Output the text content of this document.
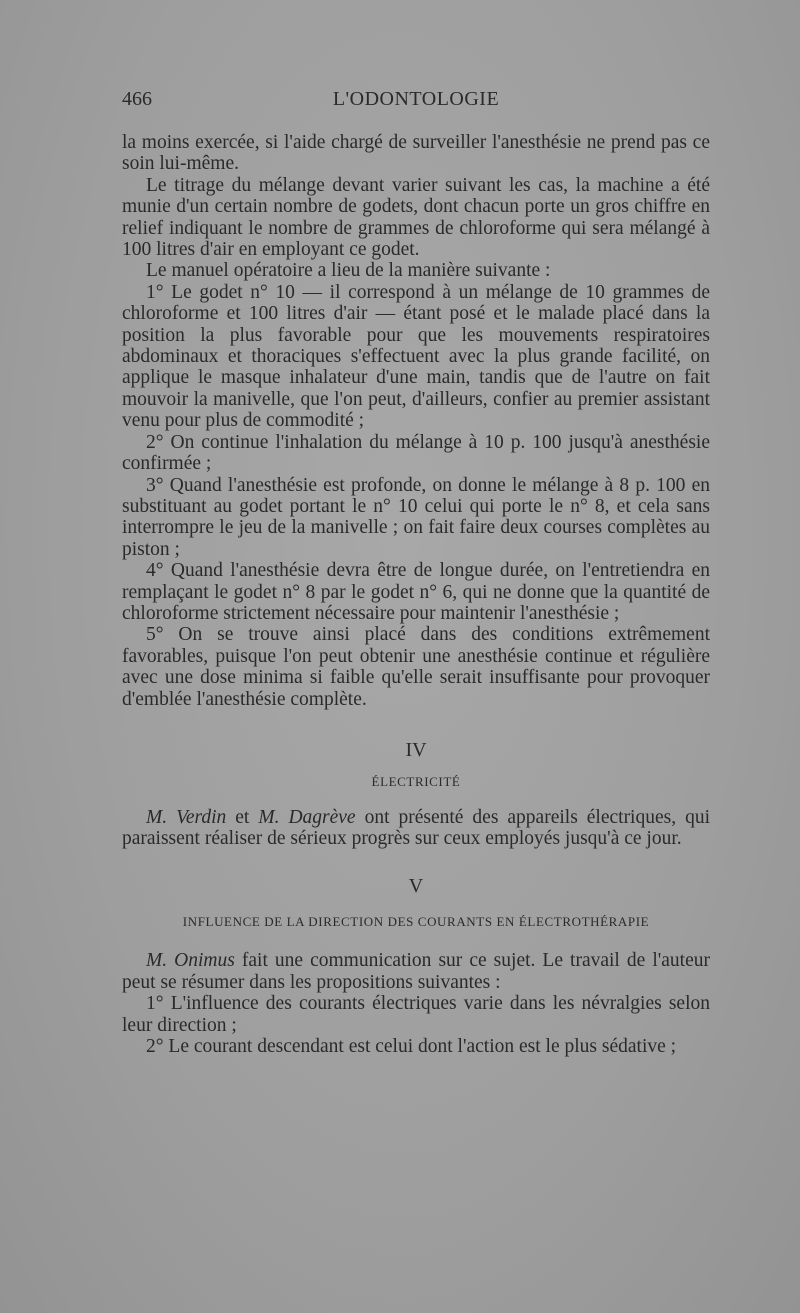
466	L'ODONTOLOGIE

la moins exercée, si l'aide chargé de surveiller l'anesthésie ne prend pas ce soin lui-même.

Le titrage du mélange devant varier suivant les cas, la machine a été munie d'un certain nombre de godets, dont chacun porte un gros chiffre en relief indiquant le nombre de grammes de chloroforme qui sera mélangé à 100 litres d'air en employant ce godet.

Le manuel opératoire a lieu de la manière suivante :

1° Le godet n° 10 — il correspond à un mélange de 10 grammes de chloroforme et 100 litres d'air — étant posé et le malade placé dans la position la plus favorable pour que les mouvements respiratoires abdominaux et thoraciques s'effectuent avec la plus grande facilité, on applique le masque inhalateur d'une main, tandis que de l'autre on fait mouvoir la manivelle, que l'on peut, d'ailleurs, confier au premier assistant venu pour plus de commodité ;

2° On continue l'inhalation du mélange à 10 p. 100 jusqu'à anesthésie confirmée ;

3° Quand l'anesthésie est profonde, on donne le mélange à 8 p. 100 en substituant au godet portant le n° 10 celui qui porte le n° 8, et cela sans interrompre le jeu de la manivelle ; on fait faire deux courses complètes au piston ;

4° Quand l'anesthésie devra être de longue durée, on l'entretiendra en remplaçant le godet n° 8 par le godet n° 6, qui ne donne que la quantité de chloroforme strictement nécessaire pour maintenir l'anesthésie ;

5° On se trouve ainsi placé dans des conditions extrêmement favorables, puisque l'on peut obtenir une anesthésie continue et régulière avec une dose minima si faible qu'elle serait insuffisante pour provoquer d'emblée l'anesthésie complète.

IV

ÉLECTRICITÉ

M. Verdin et M. Dagrève ont présenté des appareils électriques, qui paraissent réaliser de sérieux progrès sur ceux employés jusqu'à ce jour.

V

INFLUENCE DE LA DIRECTION DES COURANTS EN ÉLECTROTHÉRAPIE

M. Onimus fait une communication sur ce sujet. Le travail de l'auteur peut se résumer dans les propositions suivantes :

1° L'influence des courants électriques varie dans les névralgies selon leur direction ;

2° Le courant descendant est celui dont l'action est le plus sédative ;
